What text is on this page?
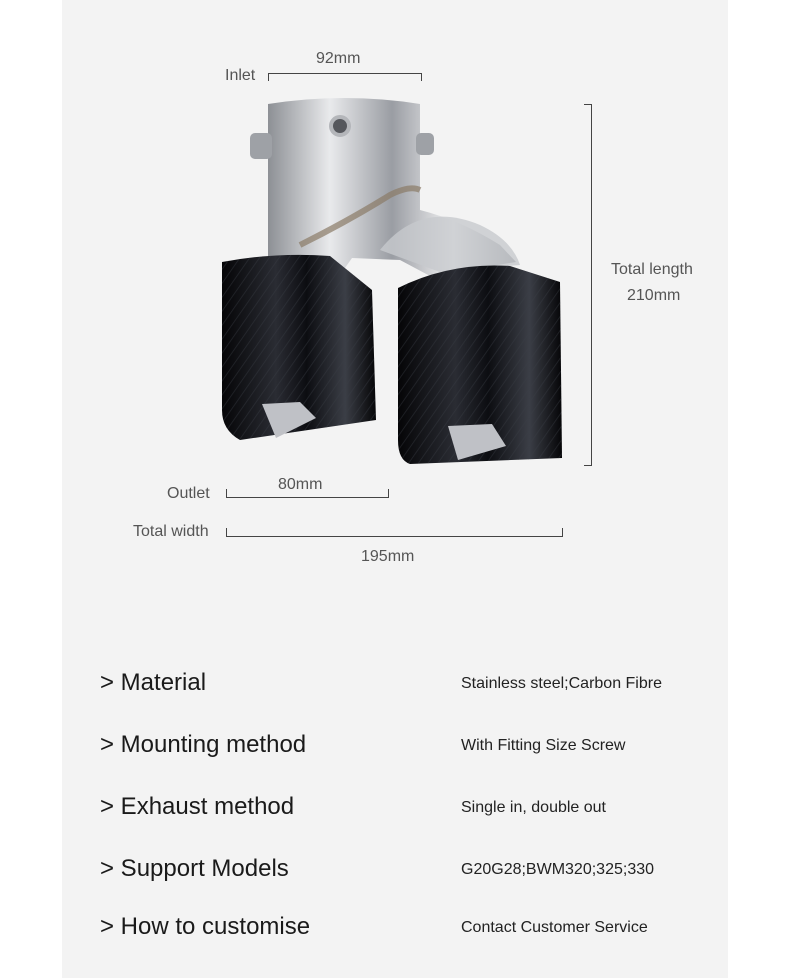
92mm
Inlet
Total length
210mm
Outlet
80mm
Total width
195mm
> Material	Stainless steel;Carbon Fibre
> Mounting method	With Fitting Size Screw
> Exhaust method	Single in, double out
> Support Models	G20G28;BWM320;325;330
> How to customise	Contact Customer Service
